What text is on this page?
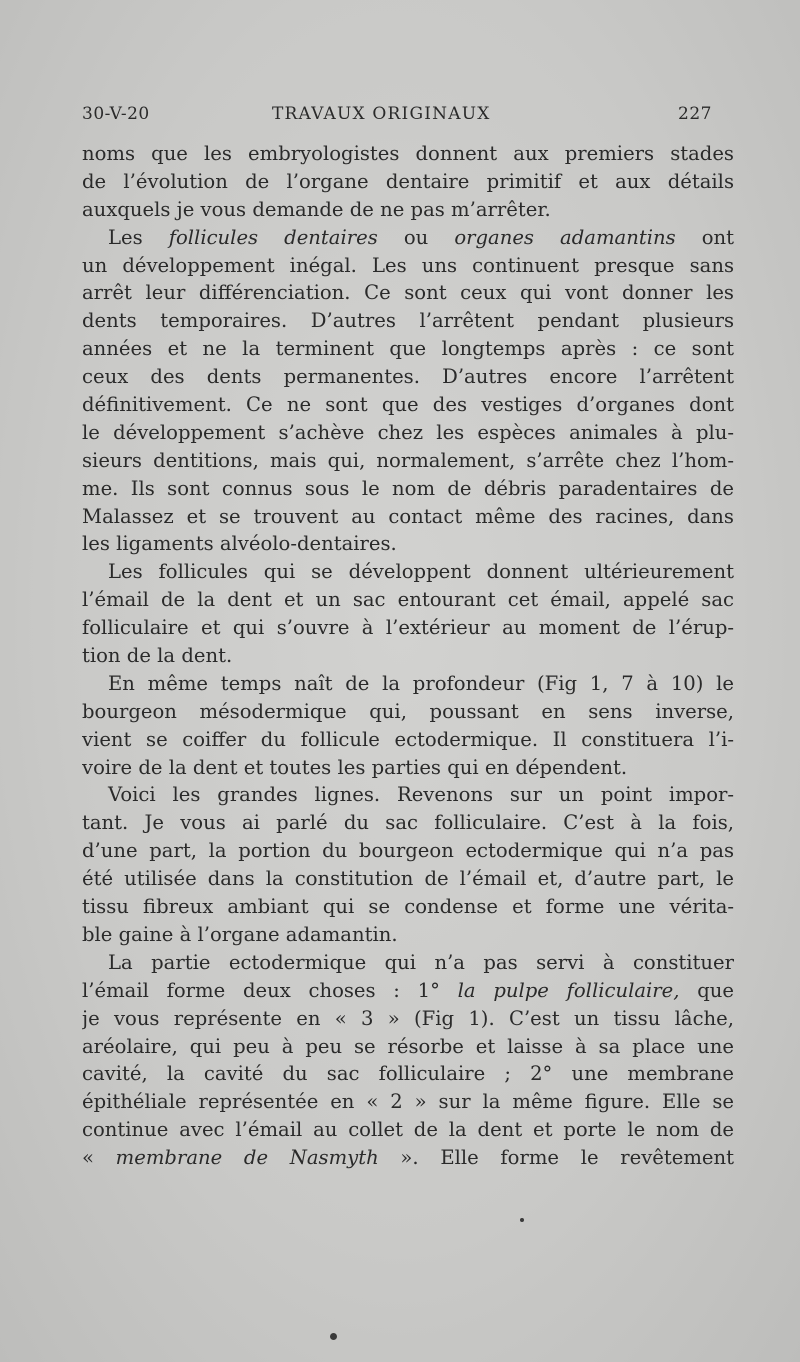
30-V-20	TRAVAUX ORIGINAUX	227
noms que les embryologistes donnent aux premiers stades
de l’évolution de l’organe dentaire primitif et aux détails
auxquels je vous demande de ne pas m’arrêter.
Les follicules dentaires ou organes adamantins ont
un développement inégal. Les uns continuent presque sans
arrêt leur différenciation. Ce sont ceux qui vont donner les
dents temporaires. D’autres l’arrêtent pendant plusieurs
années et ne la terminent que longtemps après : ce sont
ceux des dents permanentes. D’autres encore l’arrêtent
définitivement. Ce ne sont que des vestiges d’organes dont
le développement s’achève chez les espèces animales à plu-
sieurs dentitions, mais qui, normalement, s’arrête chez l’hom-
me. Ils sont connus sous le nom de débris paradentaires de
Malassez et se trouvent au contact même des racines, dans
les ligaments alvéolo-dentaires.
Les follicules qui se développent donnent ultérieurement
l’émail de la dent et un sac entourant cet émail, appelé sac
folliculaire et qui s’ouvre à l’extérieur au moment de l’érup-
tion de la dent.
En même temps naît de la profondeur (Fig 1, 7 à 10) le
bourgeon mésodermique qui, poussant en sens inverse,
vient se coiffer du follicule ectodermique. Il constituera l’i-
voire de la dent et toutes les parties qui en dépendent.
Voici les grandes lignes. Revenons sur un point impor-
tant. Je vous ai parlé du sac folliculaire. C’est à la fois,
d’une part, la portion du bourgeon ectodermique qui n’a pas
été utilisée dans la constitution de l’émail et, d’autre part, le
tissu fibreux ambiant qui se condense et forme une vérita-
ble gaine à l’organe adamantin.
La partie ectodermique qui n’a pas servi à constituer
l’émail forme deux choses : 1° la pulpe folliculaire, que
je vous représente en « 3 » (Fig 1). C’est un tissu lâche,
aréolaire, qui peu à peu se résorbe et laisse à sa place une
cavité, la cavité du sac folliculaire ; 2° une membrane
épithéliale représentée en « 2 » sur la même figure. Elle se
continue avec l’émail au collet de la dent et porte le nom de
« membrane de Nasmyth ». Elle forme le revêtement
